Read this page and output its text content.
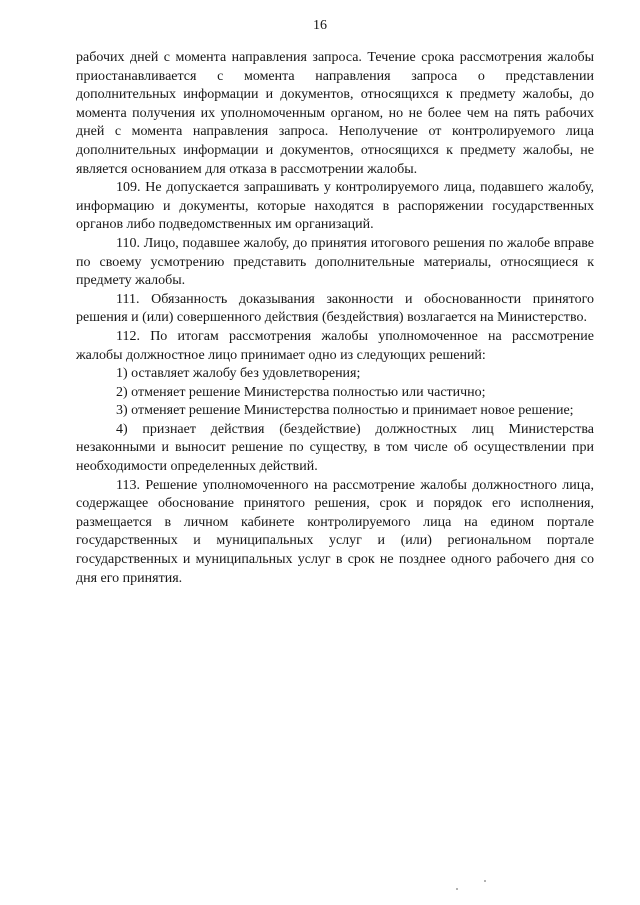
16

рабочих дней с момента направления запроса. Течение срока рассмотрения жалобы приостанавливается с момента направления запроса о представлении дополнительных информации и документов, относящихся к предмету жалобы, до момента получения их уполномоченным органом, но не более чем на пять рабочих дней с момента направления запроса. Неполучение от контролируемого лица дополнительных информации и документов, относящихся к предмету жалобы, не является основанием для отказа в рассмотрении жалобы.

109. Не допускается запрашивать у контролируемого лица, подавшего жалобу, информацию и документы, которые находятся в распоряжении государственных органов либо подведомственных им организаций.

110. Лицо, подавшее жалобу, до принятия итогового решения по жалобе вправе по своему усмотрению представить дополнительные материалы, относящиеся к предмету жалобы.

111. Обязанность доказывания законности и обоснованности принятого решения и (или) совершенного действия (бездействия) возлагается на Министерство.

112. По итогам рассмотрения жалобы уполномоченное на рассмотрение жалобы должностное лицо принимает одно из следующих решений:

1) оставляет жалобу без удовлетворения;

2) отменяет решение Министерства полностью или частично;

3) отменяет решение Министерства полностью и принимает новое решение;

4) признает действия (бездействие) должностных лиц Министерства незаконными и выносит решение по существу, в том числе об осуществлении при необходимости определенных действий.

113. Решение уполномоченного на рассмотрение жалобы должностного лица, содержащее обоснование принятого решения, срок и порядок его исполнения, размещается в личном кабинете контролируемого лица на едином портале государственных и муниципальных услуг и (или) региональном портале государственных и муниципальных услуг в срок не позднее одного рабочего дня со дня его принятия.
